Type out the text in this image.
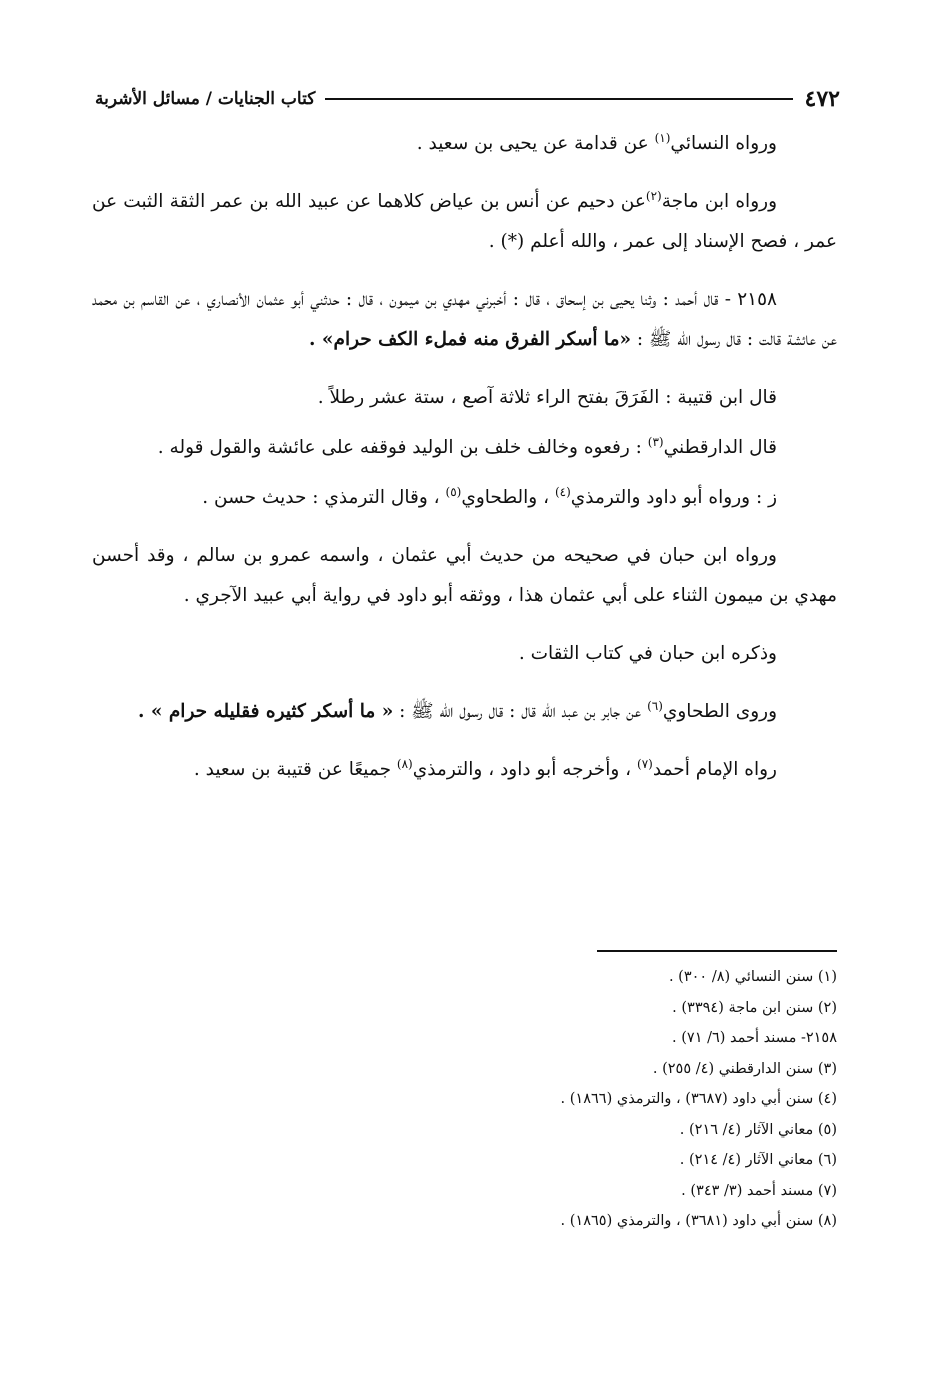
٤٧٢
كتاب الجنايات / مسائل الأشربة

ورواه النسائي$^{(١)}$ عن قدامة عن يحيى بن سعيد .

ورواه ابن ماجة$^{(٢)}$عن دحيم عن أنس بن عياض كلاهما عن عبيد الله بن عمر الثقة الثبت عن عمر ، فصح الإسناد إلى عمر ، والله أعلم (*) .

٢١٥٨ - قال أحمد : وثنا يحيى بن إسحاق ، قال : أخبرني مهدي بن ميمون ، قال : حدثني أبو عثمان الأنصاري ، عن القاسم بن محمد عن عائشة قالت : قال رسول الله ﷺ : «ما أسكر الفرق منه فملء الكف حرام» .

قال ابن قتيبة : الفَرَقَ بفتح الراء ثلاثة آصع ، ستة عشر رطلاً .

قال الدارقطني$^{(٣)}$ : رفعوه وخالف خلف بن الوليد فوقفه على عائشة والقول قوله .

ز : ورواه أبو داود والترمذي$^{(٤)}$ ، والطحاوي$^{(٥)}$ ، وقال الترمذي : حديث حسن .

ورواه ابن حبان في صحيحه من حديث أبي عثمان ، واسمه عمرو بن سالم ، وقد أحسن مهدي بن ميمون الثناء على أبي عثمان هذا ، ووثقه أبو داود في رواية أبي عبيد الآجري .

وذكره ابن حبان في كتاب الثقات .

وروى الطحاوي$^{(٦)}$ عن جابر بن عبد الله قال : قال رسول الله ﷺ : « ما أسكر كثيره فقليله حرام » .

رواه الإمام أحمد$^{(٧)}$ ، وأخرجه أبو داود ، والترمذي$^{(٨)}$ جميعًا عن قتيبة بن سعيد .

(١) سنن النسائي (٨/ ٣٠٠) .
(٢) سنن ابن ماجة (٣٣٩٤) .
٢١٥٨- مسند أحمد (٦/ ٧١) .
(٣) سنن الدارقطني (٤/ ٢٥٥) .
(٤) سنن أبي داود (٣٦٨٧) ، والترمذي (١٨٦٦) .
(٥) معاني الآثار (٤/ ٢١٦) .
(٦) معاني الآثار (٤/ ٢١٤) .
(٧) مسند أحمد (٣/ ٣٤٣) .
(٨) سنن أبي داود (٣٦٨١) ، والترمذي (١٨٦٥) .
